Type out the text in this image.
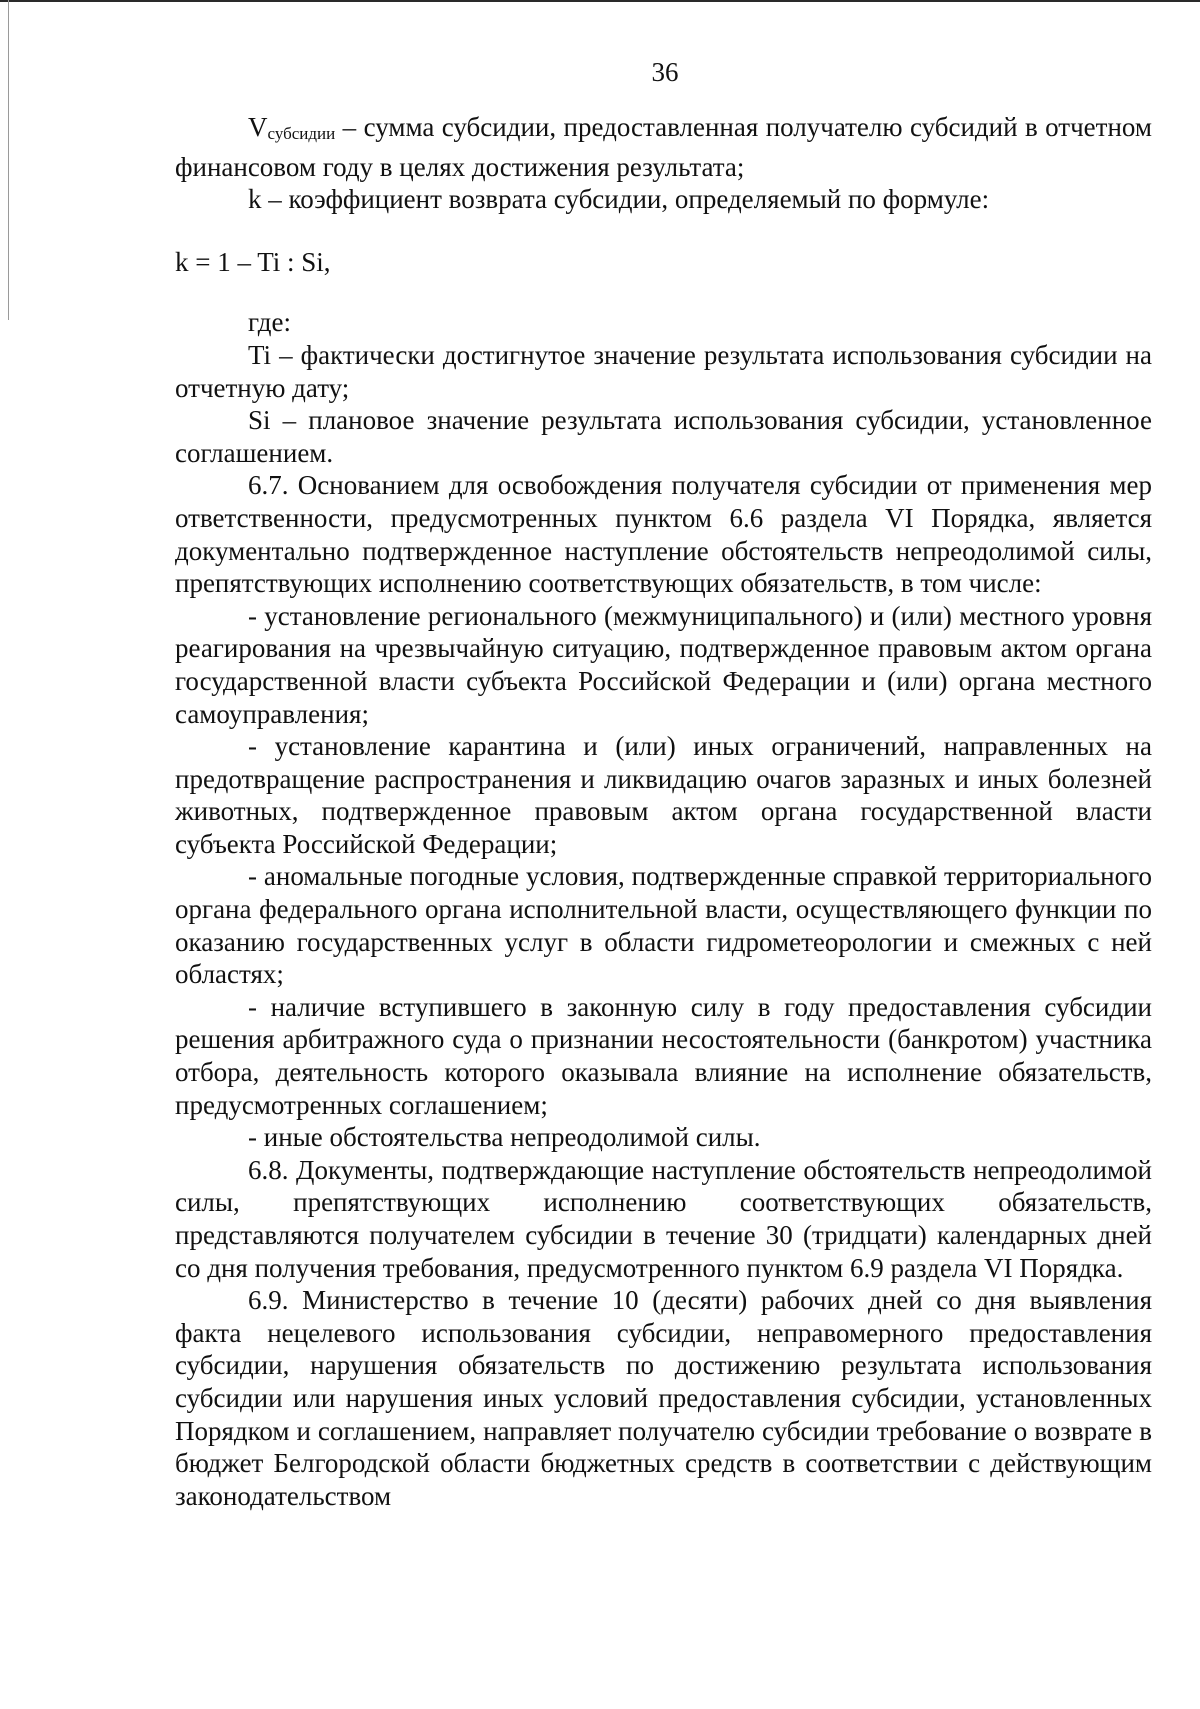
36

Vсубсидии – сумма субсидии, предоставленная получателю субсидий в отчетном финансовом году в целях достижения результата;

k – коэффициент возврата субсидии, определяемый по формуле:

k = 1 – Ti : Si,

где:

Ti – фактически достигнутое значение результата использования субсидии на отчетную дату;

Si – плановое значение результата использования субсидии, установленное соглашением.

6.7. Основанием для освобождения получателя субсидии от применения мер ответственности, предусмотренных пунктом 6.6 раздела VI Порядка, является документально подтвержденное наступление обстоятельств непреодолимой силы, препятствующих исполнению соответствующих обязательств, в том числе:

- установление регионального (межмуниципального) и (или) местного уровня реагирования на чрезвычайную ситуацию, подтвержденное правовым актом органа государственной власти субъекта Российской Федерации и (или) органа местного самоуправления;

- установление карантина и (или) иных ограничений, направленных на предотвращение распространения и ликвидацию очагов заразных и иных болезней животных, подтвержденное правовым актом органа государственной власти субъекта Российской Федерации;

- аномальные погодные условия, подтвержденные справкой территориального органа федерального органа исполнительной власти, осуществляющего функции по оказанию государственных услуг в области гидрометеорологии и смежных с ней областях;

- наличие вступившего в законную силу в году предоставления субсидии решения арбитражного суда о признании несостоятельности (банкротом) участника отбора, деятельность которого оказывала влияние на исполнение обязательств, предусмотренных соглашением;

- иные обстоятельства непреодолимой силы.

6.8. Документы, подтверждающие наступление обстоятельств непреодолимой силы, препятствующих исполнению соответствующих обязательств, представляются получателем субсидии в течение 30 (тридцати) календарных дней со дня получения требования, предусмотренного пунктом 6.9 раздела VI Порядка.

6.9. Министерство в течение 10 (десяти) рабочих дней со дня выявления факта нецелевого использования субсидии, неправомерного предоставления субсидии, нарушения обязательств по достижению результата использования субсидии или нарушения иных условий предоставления субсидии, установленных Порядком и соглашением, направляет получателю субсидии требование о возврате в бюджет Белгородской области бюджетных средств в соответствии с действующим законодательством
